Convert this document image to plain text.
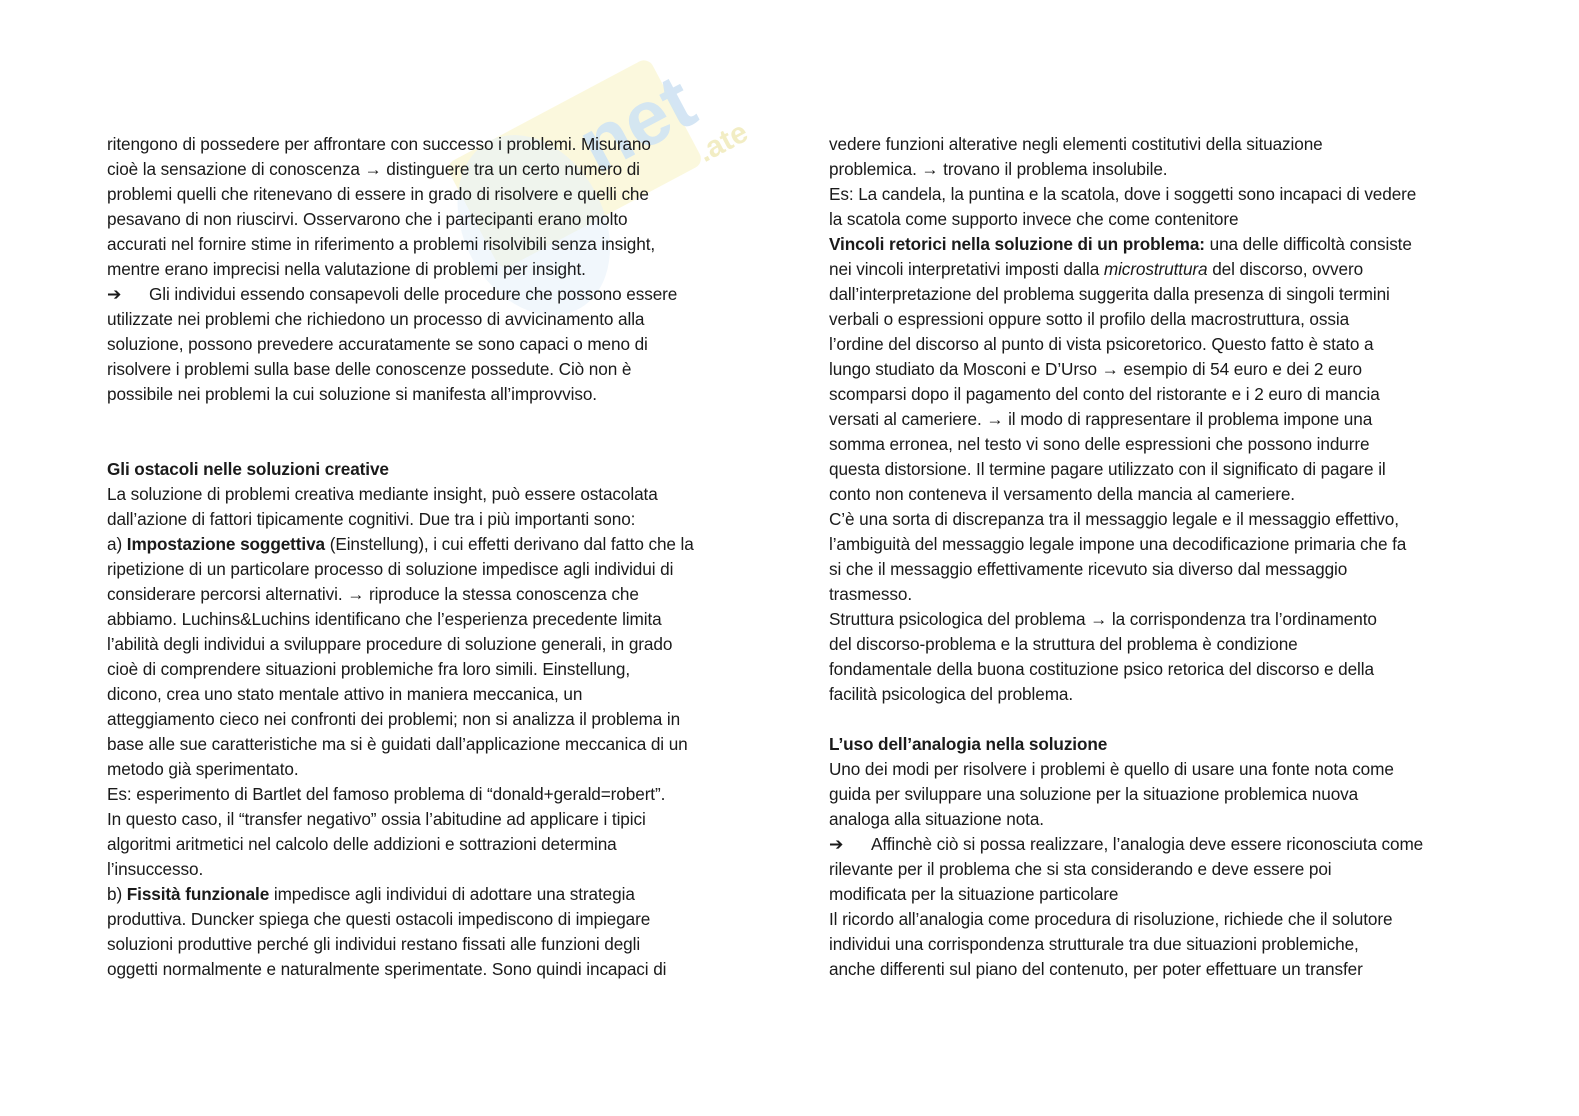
net
.ate
ritengono di possedere per affrontare con successo i problemi. Misurano
cioè la sensazione di conoscenza → distinguere tra un certo numero di
problemi quelli che ritenevano di essere in grado di risolvere e quelli che
pesavano di non riuscirvi. Osservarono che i partecipanti erano molto
accurati nel fornire stime in riferimento a problemi risolvibili senza insight,
mentre erano imprecisi nella valutazione di problemi per insight.
➔ Gli individui essendo consapevoli delle procedure che possono essere
utilizzate nei problemi che richiedono un processo di avvicinamento alla
soluzione, possono prevedere accuratamente se sono capaci o meno di
risolvere i problemi sulla base delle conoscenze possedute. Ciò non è
possibile nei problemi la cui soluzione si manifesta all’improvviso.
Gli ostacoli nelle soluzioni creative
La soluzione di problemi creativa mediante insight, può essere ostacolata
dall’azione di fattori tipicamente cognitivi. Due tra i più importanti sono:
a) Impostazione soggettiva (Einstellung), i cui effetti derivano dal fatto che la
ripetizione di un particolare processo di soluzione impedisce agli individui di
considerare percorsi alternativi. → riproduce la stessa conoscenza che
abbiamo. Luchins&Luchins identificano che l’esperienza precedente limita
l’abilità degli individui a sviluppare procedure di soluzione generali, in grado
cioè di comprendere situazioni problemiche fra loro simili. Einstellung,
dicono, crea uno stato mentale attivo in maniera meccanica, un
atteggiamento cieco nei confronti dei problemi; non si analizza il problema in
base alle sue caratteristiche ma si è guidati dall’applicazione meccanica di un
metodo già sperimentato.
Es: esperimento di Bartlet del famoso problema di “donald+gerald=robert”.
In questo caso, il “transfer negativo” ossia l’abitudine ad applicare i tipici
algoritmi aritmetici nel calcolo delle addizioni e sottrazioni determina
l’insuccesso.
b) Fissità funzionale impedisce agli individui di adottare una strategia
produttiva. Duncker spiega che questi ostacoli impediscono di impiegare
soluzioni produttive perché gli individui restano fissati alle funzioni degli
oggetti normalmente e naturalmente sperimentate. Sono quindi incapaci di
vedere funzioni alterative negli elementi costitutivi della situazione
problemica. → trovano il problema insolubile.
Es: La candela, la puntina e la scatola, dove i soggetti sono incapaci di vedere
la scatola come supporto invece che come contenitore
Vincoli retorici nella soluzione di un problema: una delle difficoltà consiste
nei vincoli interpretativi imposti dalla microstruttura del discorso, ovvero
dall’interpretazione del problema suggerita dalla presenza di singoli termini
verbali o espressioni oppure sotto il profilo della macrostruttura, ossia
l’ordine del discorso al punto di vista psicoretorico. Questo fatto è stato a
lungo studiato da Mosconi e D’Urso → esempio di 54 euro e dei 2 euro
scomparsi dopo il pagamento del conto del ristorante e i 2 euro di mancia
versati al cameriere. → il modo di rappresentare il problema impone una
somma erronea, nel testo vi sono delle espressioni che possono indurre
questa distorsione. Il termine pagare utilizzato con il significato di pagare il
conto non conteneva il versamento della mancia al cameriere.
C’è una sorta di discrepanza tra il messaggio legale e il messaggio effettivo,
l’ambiguità del messaggio legale impone una decodificazione primaria che fa
si che il messaggio effettivamente ricevuto sia diverso dal messaggio
trasmesso.
Struttura psicologica del problema → la corrispondenza tra l’ordinamento
del discorso-problema e la struttura del problema è condizione
fondamentale della buona costituzione psico retorica del discorso e della
facilità psicologica del problema.
L’uso dell’analogia nella soluzione
Uno dei modi per risolvere i problemi è quello di usare una fonte nota come
guida per sviluppare una soluzione per la situazione problemica nuova
analoga alla situazione nota.
➔ Affinchè ciò si possa realizzare, l’analogia deve essere riconosciuta come
rilevante per il problema che si sta considerando e deve essere poi
modificata per la situazione particolare
Il ricordo all’analogia come procedura di risoluzione, richiede che il solutore
individui una corrispondenza strutturale tra due situazioni problemiche,
anche differenti sul piano del contenuto, per poter effettuare un transfer
